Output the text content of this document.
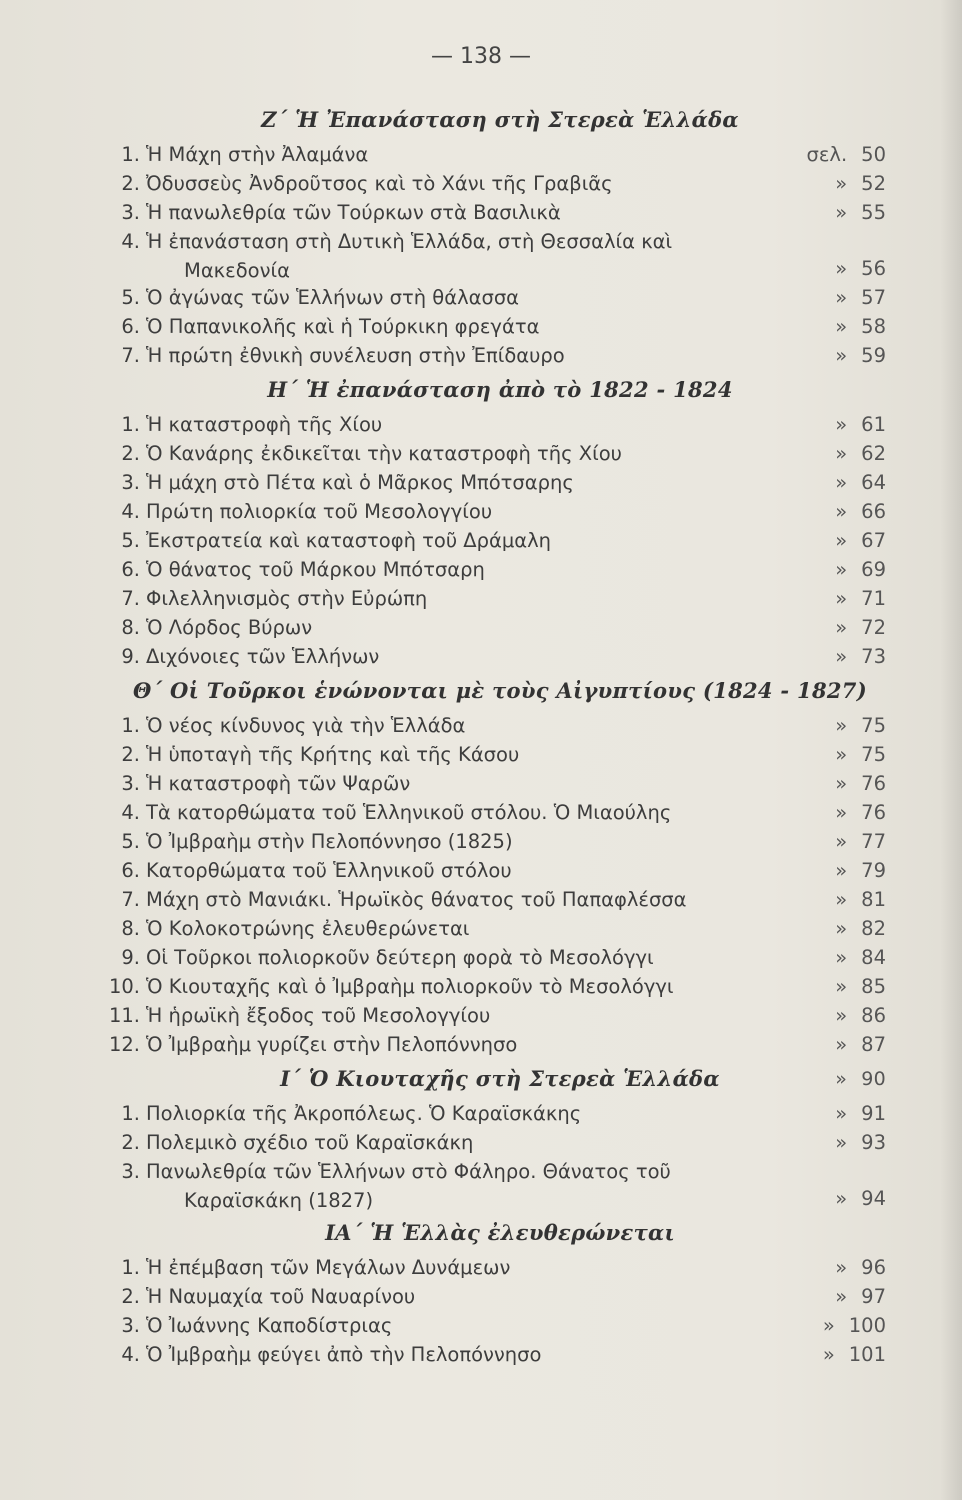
— 138 —
Ζ΄ Ἡ Ἐπανάσταση στὴ Στερεὰ Ἑλλάδα
1. Ἡ Μάχη στὴν Ἀλαμάνα	σελ. 50
2. Ὀδυσσεὺς Ἀνδροῦτσος καὶ τὸ Χάνι τῆς Γραβιᾶς	» 52
3. Ἡ πανωλεθρία τῶν Τούρκων στὰ Βασιλικὰ	» 55
4. Ἡ ἐπανάσταση στὴ Δυτικὴ Ἑλλάδα, στὴ Θεσσαλία καὶ
Μακεδονία	» 56
5. Ὁ ἀγώνας τῶν Ἑλλήνων στὴ θάλασσα	» 57
6. Ὁ Παπανικολῆς καὶ ἡ Τούρκικη φρεγάτα	» 58
7. Ἡ πρώτη ἐθνικὴ συνέλευση στὴν Ἐπίδαυρο	» 59
Η΄ Ἡ ἐπανάσταση ἀπὸ τὸ 1822 - 1824
1. Ἡ καταστροφὴ τῆς Χίου	» 61
2. Ὁ Κανάρης ἐκδικεῖται τὴν καταστροφὴ τῆς Χίου	» 62
3. Ἡ μάχη στὸ Πέτα καὶ ὁ Μᾶρκος Μπότσαρης	» 64
4. Πρώτη πολιορκία τοῦ Μεσολογγίου	» 66
5. Ἐκστρατεία καὶ καταστοφὴ τοῦ Δράμαλη	» 67
6. Ὁ θάνατος τοῦ Μάρκου Μπότσαρη	» 69
7. Φιλελληνισμὸς στὴν Εὐρώπη	» 71
8. Ὁ Λόρδος Βύρων	» 72
9. Διχόνοιες τῶν Ἑλλήνων	» 73
Θ΄ Οἱ Τοῦρκοι ἑνώνονται μὲ τοὺς Αἰγυπτίους (1824 - 1827)
1. Ὁ νέος κίνδυνος γιὰ τὴν Ἑλλάδα	» 75
2. Ἡ ὑποταγὴ τῆς Κρήτης καὶ τῆς Κάσου	» 75
3. Ἡ καταστροφὴ τῶν Ψαρῶν	» 76
4. Τὰ κατορθώματα τοῦ Ἑλληνικοῦ στόλου. Ὁ Μιαούλης	» 76
5. Ὁ Ἰμβραὴμ στὴν Πελοπόννησο (1825)	» 77
6. Κατορθώματα τοῦ Ἑλληνικοῦ στόλου	» 79
7. Μάχη στὸ Μανιάκι. Ἡρωϊκὸς θάνατος τοῦ Παπαφλέσσα	» 81
8. Ὁ Κολοκοτρώνης ἐλευθερώνεται	» 82
9. Οἱ Τοῦρκοι πολιορκοῦν δεύτερη φορὰ τὸ Μεσολόγγι	» 84
10. Ὁ Κιουταχῆς καὶ ὁ Ἰμβραὴμ πολιορκοῦν τὸ Μεσολόγγι	» 85
11. Ἡ ἡρωϊκὴ ἔξοδος τοῦ Μεσολογγίου	» 86
12. Ὁ Ἰμβραὴμ γυρίζει στὴν Πελοπόννησο	» 87
Ι΄ Ὁ Κιουταχῆς στὴ Στερεὰ Ἑλλάδα	» 90
1. Πολιορκία τῆς Ἀκροπόλεως. Ὁ Καραϊσκάκης	» 91
2. Πολεμικὸ σχέδιο τοῦ Καραϊσκάκη	» 93
3. Πανωλεθρία τῶν Ἑλλήνων στὸ Φάληρο. Θάνατος τοῦ
Καραϊσκάκη (1827)	» 94
ΙΑ΄ Ἡ Ἑλλὰς ἐλευθερώνεται
1. Ἡ ἐπέμβαση τῶν Μεγάλων Δυνάμεων	» 96
2. Ἡ Ναυμαχία τοῦ Ναυαρίνου	» 97
3. Ὁ Ἰωάννης Καποδίστριας	» 100
4. Ὁ Ἰμβραὴμ φεύγει ἀπὸ τὴν Πελοπόννησο	» 101
